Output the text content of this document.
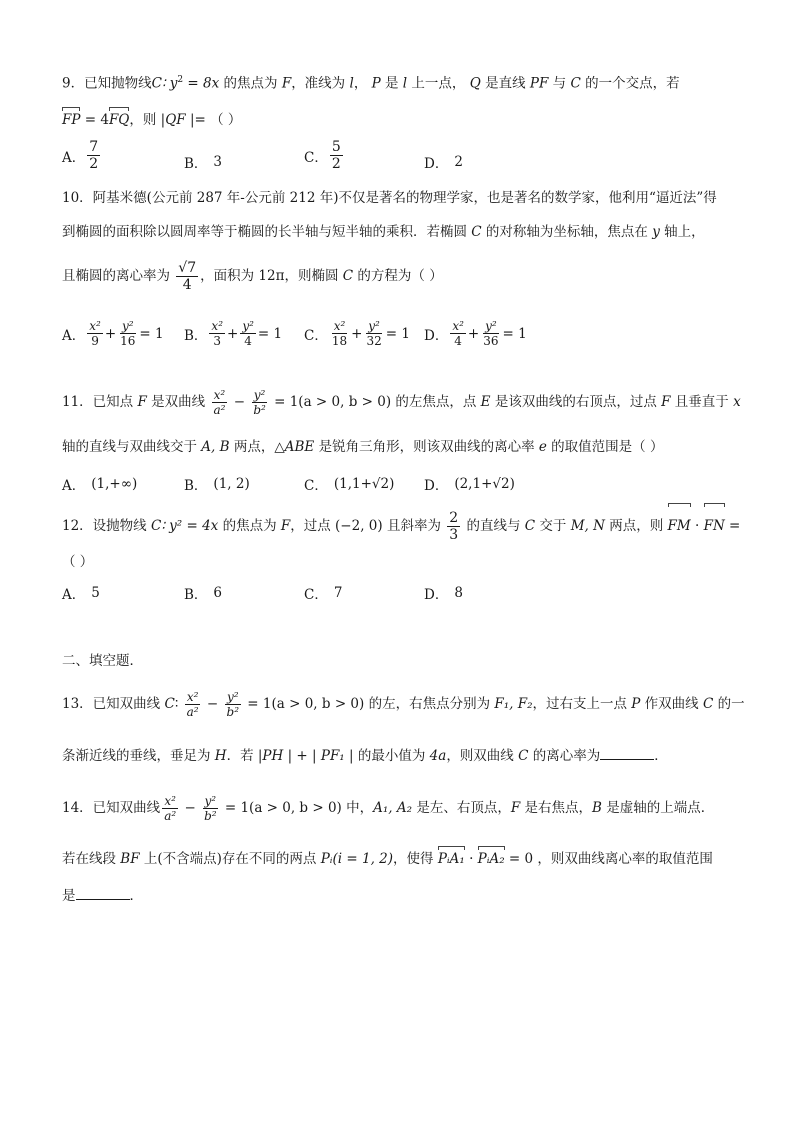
9．已知抛物线C∶ $y^2 = 8x$ 的焦点为 F，准线为 l， P 是 l 上一点， Q 是直线 PF 与 C 的一个交点，若
FP = 4FQ，则 |QF |= （ ）
A． $\frac{7}{2}$	B． 3	C． $\frac{5}{2}$	D． 2
10．阿基米德(公元前 287 年-公元前 212 年)不仅是著名的物理学家，也是著名的数学家，他利用“逼近法”得
到椭圆的面积除以圆周率等于椭圆的长半轴与短半轴的乘积．若椭圆 C 的对称轴为坐标轴，焦点在 y 轴上，
且椭圆的离心率为 $\frac{√7}{4}$ ，面积为 12π，则椭圆 C 的方程为（ ）
A． $\frac{\text{x²}}{9} + \frac{\text{y²}}{16} = 1$ B． $\frac{\text{x²}}{3} + \frac{\text{y²}}{4} = 1$ C． $\frac{\text{x²}}{18} + \frac{\text{y²}}{32} = 1$ D． $\frac{\text{x²}}{4} + \frac{\text{y²}}{36} = 1$
11．已知点 F 是双曲线 $\frac{\text{x²}}{\text{a²}} - \frac{\text{y²}}{\text{b²}} = 1(a > 0$, b > 0) 的左焦点，点 E 是该双曲线的右顶点，过点 F 且垂直于 x
轴的直线与双曲线交于 A, B 两点，△ABE 是锐角三角形，则该双曲线的离心率 e 的取值范围是（ ）
A． (1,+∞)	B． (1, 2)	C． (1,1+√2) D． (2,1+√2)
12．设抛物线 C∶ y² = 4x 的焦点为 F，过点 (−2, 0) 且斜率为 $\frac{2}{3}$ 的直线与 C 交于 M, N 两点，则 FM · FN =
（ ）
A． 5	B． 6	C． 7	D． 8
二、填空题．
13．已知双曲线 C∶ $\frac{\text{x²}}{\text{a²}} - \frac{\text{y²}}{\text{b²}} = 1(a > 0$, b > 0) 的左，右焦点分别为 F₁, F₂，过右支上一点 P 作双曲线 C 的一
条渐近线的垂线，垂足为 H．若 |PH | + | PF₁ | 的最小值为 4a，则双曲线 C 的离心率为	．
14．已知双曲线 $\frac{\text{x²}}{\text{a²}} - \frac{\text{y²}}{\text{b²}} = 1(a > 0$, b > 0) 中，A₁, A₂ 是左、右顶点，F 是右焦点，B 是虚轴的上端点．
若在线段 BF 上(不含端点)存在不同的两点 Pᵢ(i = 1, 2)，使得 PᵢA₁ · PᵢA₂ = 0 ，则双曲线离心率的取值范围
是	．
